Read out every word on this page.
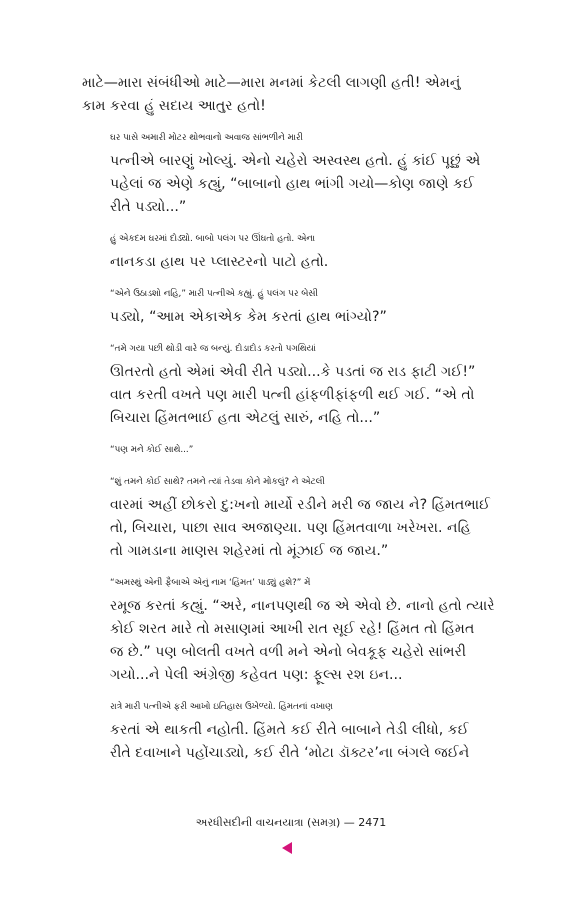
માટે—મારા સંબંધીઓ માટે—મારા મનમાં કેટલી લાગણી હતી! એમનું
કામ કરવા હું સદાય આતુર હતો!

ઘર પાસે અમારી મોટર થોભવાનો અવાજ સાંભળીને મારી
પત્નીએ બારણું ખોલ્યું. એનો ચહેરો અસ્વસ્થ હતો. હું કાંઈ પૂછું એ
પહેલાં જ એણે કહ્યું, “બાબાનો હાથ ભાંગી ગયો—કોણ જાણે કઈ
રીતે પડ્યો...”

હું એકદમ ઘરમાં દોડ્યો. બાબો પલંગ પર ઊંઘતો હતો. એના
નાનકડા હાથ પર પ્લાસ્ટરનો પાટો હતો.

“એને ઉઠાડશો નહિ,” મારી પત્નીએ કહ્યું. હું પલંગ પર બેસી
પડ્યો, “આમ એકાએક કેમ કરતાં હાથ ભાંગ્યો?”

“તમે ગયા પછી થોડી વારે જ બન્યું. દોડાદોડ કરતો પગથિયાં
ઊતરતો હતો એમાં એવી રીતે પડ્યો...કે પડતાં જ રાડ ફાટી ગઈ!”
વાત કરતી વખતે પણ મારી પત્ની હાંફળીફાંફળી થઈ ગઈ. “એ તો
બિચારા હિંમતભાઈ હતા એટલું સારું, નહિ તો...”

“પણ મને કોઈ સાથે...”

“શું તમને કોઈ સાથે? તમને ત્યાં તેડવા કોને મોકલું? ને એટલી
વારમાં અહીં છોકરો દુ:ખનો માર્યો રડીને મરી જ જાય ને? હિંમતભાઈ
તો, બિચારા, પાછા સાવ અજાણ્યા. પણ હિંમતવાળા ખરેખરા. નહિ
તો ગામડાના માણસ શહેરમાં તો મૂંઝાઈ જ જાય.”

“અમસ્થું એની ફૈબાએ એનું નામ ‘હિંમત’ પાડ્યું હશે?” મેં
રમૂજ કરતાં કહ્યું. “અરે, નાનપણથી જ એ એવો છે. નાનો હતો ત્યારે
કોઈ શરત મારે તો મસાણમાં આખી રાત સૂઈ રહે! હિંમત તો હિંમત
જ છે.” પણ બોલતી વખતે વળી મને એનો બેવકૂફ ચહેરો સાંભરી
ગયો...ને પેલી અંગ્રેજી કહેવત પણ: ફૂલ્સ રશ ઇન...

રાત્રે મારી પત્નીએ ફરી આખો ઇતિહાસ ઉખેળ્યો. હિંમતનાં વખાણ
કરતાં એ થાકતી નહોતી. હિંમતે કઈ રીતે બાબાને તેડી લીધો, કઈ
રીતે દવાખાને પહોંચાડ્યો, કઈ રીતે ‘મોટા ડૉક્ટર’ના બંગલે જઈને

અરધીસદીની વાચનયાત્રા (સમગ્ર) — 2471
